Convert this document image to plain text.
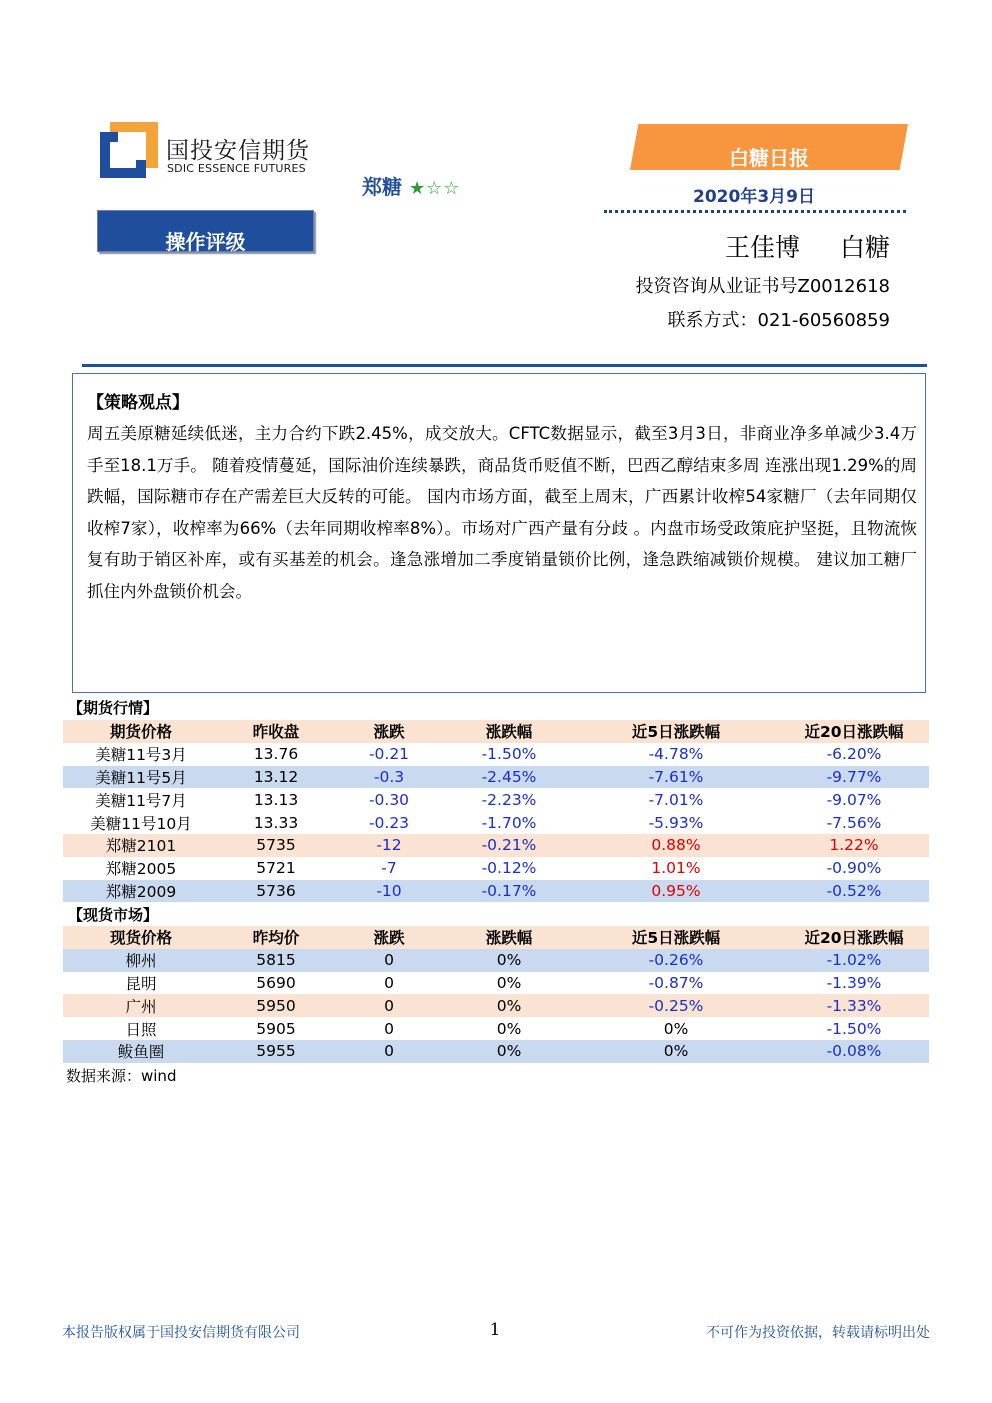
国投安信期货
SDIC ESSENCE FUTURES
郑糖 ★☆☆
白糖日报
2020年3月9日
操作评级	王佳博 白糖
投资咨询从业证书号Z0012618
联系方式：021-60560859
【策略观点】
周五美原糖延续低迷，主力合约下跌2.45%，成交放大。CFTC数据显示，截至3月3日，非商业净多单减少3.4万手至18.1万手。 随着疫情蔓延，国际油价连续暴跌，商品货币贬值不断，巴西乙醇结束多周 连涨出现1.29%的周跌幅，国际糖市存在产需差巨大反转的可能。 国内市场方面，截至上周末，广西累计收榨54家糖厂（去年同期仅收榨7家），收榨率为66%（去年同期收榨率8%）。市场对广西产量有分歧 。内盘市场受政策庇护坚挺，且物流恢复有助于销区补库，或有买基差的机会。逢急涨增加二季度销量锁价比例，逢急跌缩减锁价规模。 建议加工糖厂抓住内外盘锁价机会。
【期货行情】
期货价格	昨收盘	涨跌	涨跌幅	近5日涨跌幅	近20日涨跌幅
美糖11号3月	13.76	-0.21	-1.50%	-4.78%	-6.20%
美糖11号5月	13.12	-0.3	-2.45%	-7.61%	-9.77%
美糖11号7月	13.13	-0.30	-2.23%	-7.01%	-9.07%
美糖11号10月	13.33	-0.23	-1.70%	-5.93%	-7.56%
郑糖2101	5735	-12	-0.21%	0.88%	1.22%
郑糖2005	5721	-7	-0.12%	1.01%	-0.90%
郑糖2009	5736	-10	-0.17%	0.95%	-0.52%
【现货市场】
现货价格	昨均价	涨跌	涨跌幅	近5日涨跌幅	近20日涨跌幅
柳州	5815	0	0%	-0.26%	-1.02%
昆明	5690	0	0%	-0.87%	-1.39%
广州	5950	0	0%	-0.25%	-1.33%
日照	5905	0	0%	0%	-1.50%
鲅鱼圈	5955	0	0%	0%	-0.08%
数据来源：wind
本报告版权属于国投安信期货有限公司	1	不可作为投资依据，转载请标明出处
